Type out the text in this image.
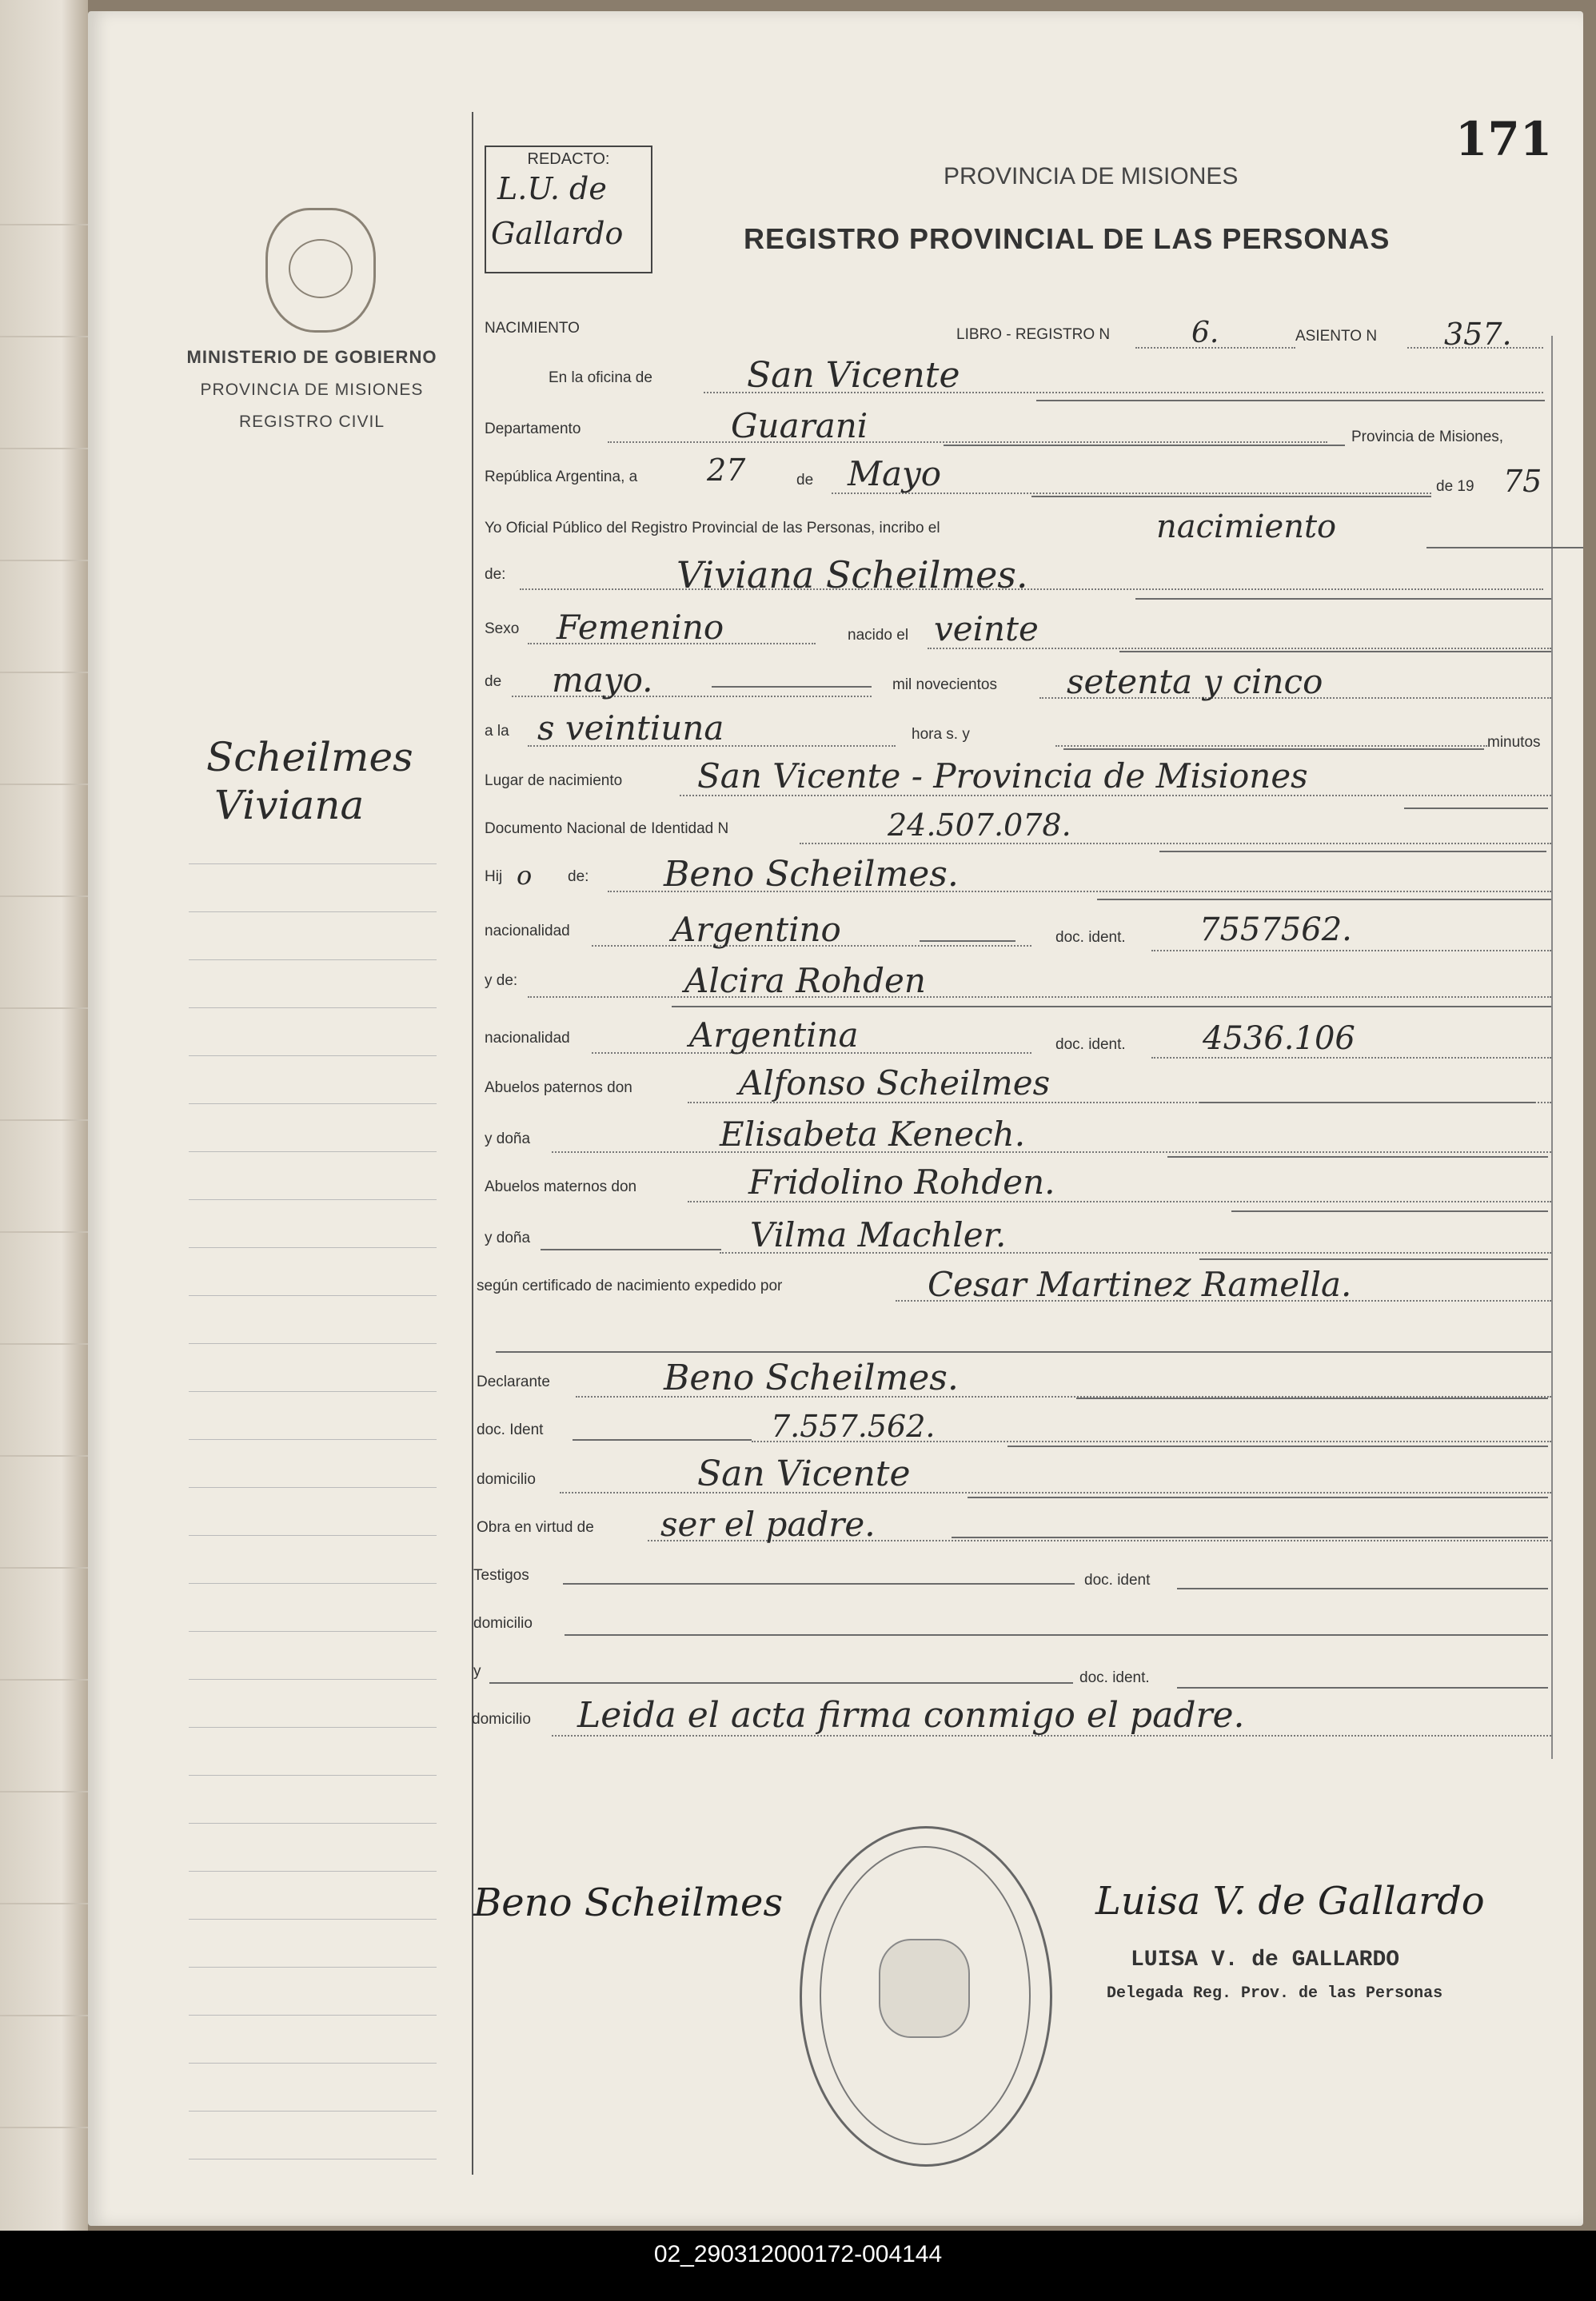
171
REDACTO:
L.U. de
Gallardo
PROVINCIA DE MISIONES
REGISTRO PROVINCIAL DE LAS PERSONAS
MINISTERIO DE GOBIERNO
PROVINCIA DE MISIONES
REGISTRO CIVIL
Scheilmes
Viviana
NACIMIENTO	LIBRO - REGISTRO N	6.	ASIENTO N 357.
En la oficina de	San Vicente
Departamento	Guarani	Provincia de Misiones,
República Argentina, a 27	de Mayo	de 19 75
Yo Oficial Público del Registro Provincial de las Personas, incribo el	nacimiento
de:	Viviana Scheilmes.
Sexo Femenino	nacido el veinte
de mayo.	mil novecientos setenta y cinco
a la s veintiuna	hora s. y	minutos
Lugar de nacimiento San Vicente - Provincia de Misiones
Documento Nacional de Identidad N	24.507.078.
Hij o de: Beno Scheilmes.
nacionalidad	Argentino	doc. ident. 7557562.
y de:	Alcira Rohden
nacionalidad	Argentina	doc. ident. 4536.106
Abuelos paternos don	Alfonso Scheilmes
y doña	Elisabeta Kenech.
Abuelos maternos don	Fridolino Rohden.
y doña	Vilma Machler.
según certificado de nacimiento expedido por	Cesar Martinez Ramella.
Declarante	Beno Scheilmes.
doc. Ident	7.557.562.
domicilio	San Vicente
Obra en virtud de ser el padre.
Testigos	doc. ident
domicilio
y	doc. ident.
domicilio Leida el acta firma conmigo el padre.
Beno Scheilmes	Luisa V. de Gallardo
LUISA V. de GALLARDO
Delegada Reg. Prov. de las Personas
02_290312000172-004144
